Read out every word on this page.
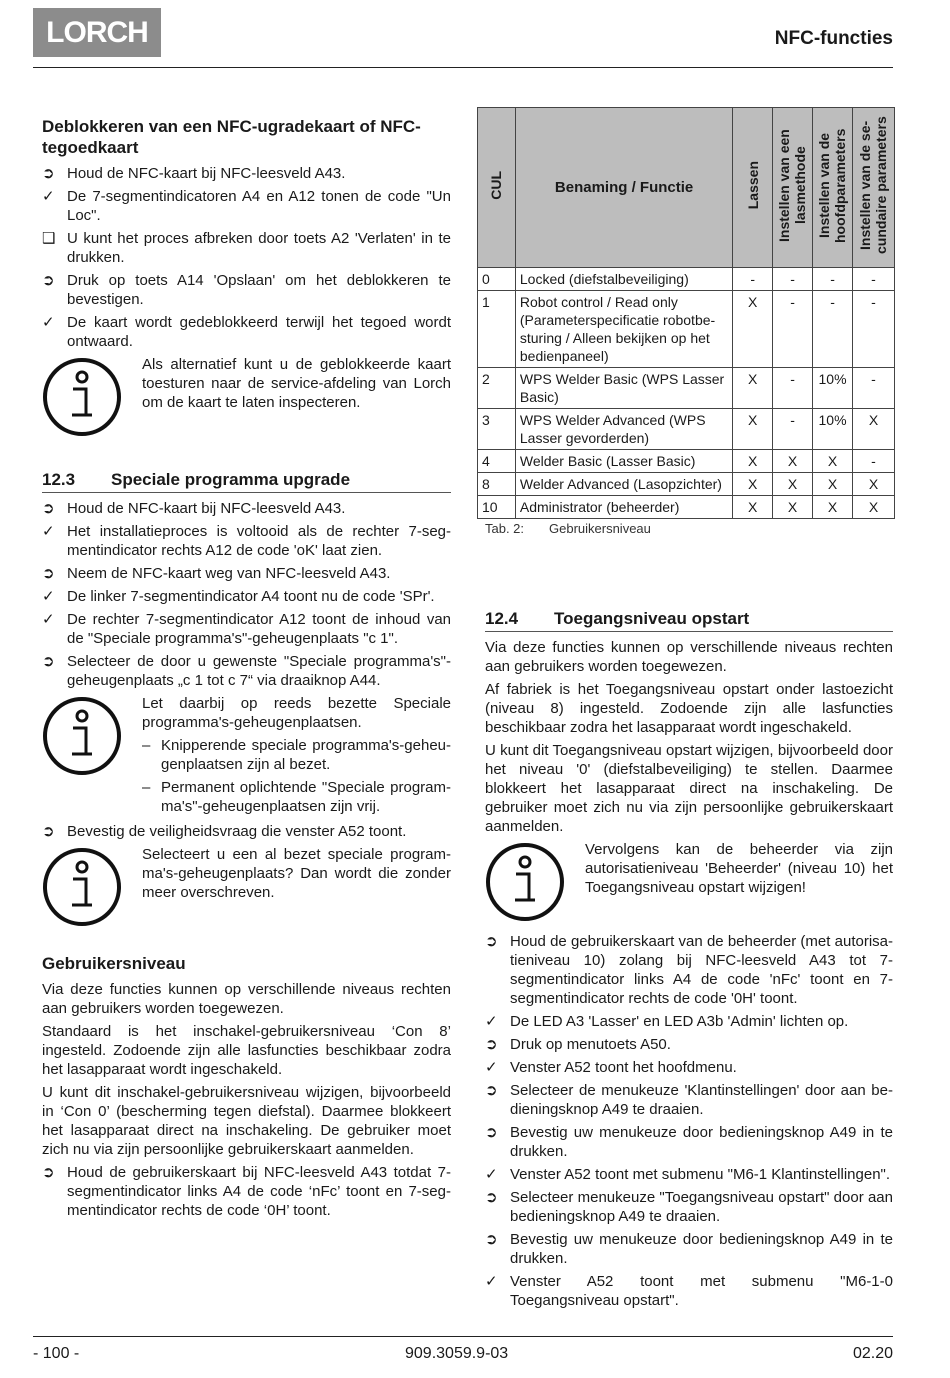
LORCH	NFC-functies

Deblokkeren van een NFC-ugradekaart of NFC-tegoedkaart

➲ Houd de NFC-kaart bij NFC-leesveld A43.
✓ De 7-segmentindicatoren A4 en A12 tonen de code "Un Loc".
❑ U kunt het proces afbreken door toets A2 'Verlaten' in te drukken.
➲ Druk op toets A14 'Opslaan' om het deblokkeren te bevestigen.
✓ De kaart wordt gedeblokkeerd terwijl het tegoed wordt ontwaard.

Als alternatief kunt u de geblokkeerde kaart toesturen naar de service-afdeling van Lorch om de kaart te laten inspecteren.

12.3 Speciale programma upgrade
➲ Houd de NFC-kaart bij NFC-leesveld A43.
✓ Het installatieproces is voltooid als de rechter 7-segmentindicator rechts A12 de code 'oK' laat zien.
➲ Neem de NFC-kaart weg van NFC-leesveld A43.
✓ De linker 7-segmentindicator A4 toont nu de code 'SPr'.
✓ De rechter 7-segmentindicator A12 toont de inhoud van de "Speciale programma's"-geheugenplaats "c 1".
➲ Selecteer de door u gewenste "Speciale programma's"-geheugenplaats „c 1 tot c 7“ via draaiknop A44.

Let daarbij op reeds bezette Speciale programma's-geheugenplaatsen.

– Knipperende speciale programma's-geheugenplaatsen zijn al bezet.
– Permanent oplichtende "Speciale programma's"-geheugenplaatsen zijn vrij.
➲ Bevestig de veiligheidsvraag die venster A52 toont.

Selecteert u een al bezet speciale programma's-geheugenplaats? Dan wordt die zonder meer overschreven.

Gebruikersniveau

Via deze functies kunnen op verschillende niveaus rechten aan gebruikers worden toegewezen.

Standaard is het inschakel-gebruikersniveau ‘Con 8’ ingesteld. Zodoende zijn alle lasfuncties beschikbaar zodra het lasapparaat wordt ingeschakeld.

U kunt dit inschakel-gebruikersniveau wijzigen, bijvoorbeeld in ‘Con 0’ (bescherming tegen diefstal). Daarmee blokkeert het lasapparaat direct na inschakeling. De gebruiker moet zich nu via zijn persoonlijke gebruikerskaart aanmelden.

➲ Houd de gebruikerskaart bij NFC-leesveld A43 totdat 7-segmentindicator links A4 de code ‘nFc’ toont en 7-segmentindicator rechts de code ‘0H’ toont.
CUL	Benaming / Functie	Lassen	Instellen van een lasmethode	Instellen van de hoofdparameters	Instellen van de secundaire parameters
0	Locked (diefstalbeveiliging)	-	-	-	-
1	Robot control / Read only (Parameterspecificatie robotbesturing / Alleen bekijken op het bedienpaneel)	X	-	-	-
2	WPS Welder Basic (WPS Lasser Basic)	X	-	10%	-
3	WPS Welder Advanced (WPS Lasser gevorderden)	X	-	10%	X
4	Welder Basic (Lasser Basic)	X	X	X	-
8	Welder Advanced (Lasopzichter)	X	X	X	X
10	Administrator (beheerder)	X	X	X	X
Tab. 2: Gebruikersniveau
12.4 Toegangsniveau opstart

Via deze functies kunnen op verschillende niveaus rechten aan gebruikers worden toegewezen.

Af fabriek is het Toegangsniveau opstart onder lastoezicht (niveau 8) ingesteld. Zodoende zijn alle lasfuncties beschikbaar zodra het lasapparaat wordt ingeschakeld.

U kunt dit Toegangsniveau opstart wijzigen, bijvoorbeeld door het niveau '0' (diefstalbeveiliging) te stellen. Daarmee blokkeert het lasapparaat direct na inschakeling. De gebruiker moet zich nu via zijn persoonlijke gebruikerskaart aanmelden.

Vervolgens kan de beheerder via zijn autorisatieniveau 'Beheerder' (niveau 10) het Toegangsniveau opstart wijzigen!

➲ Houd de gebruikerskaart van de beheerder (met autorisatieniveau 10) zolang bij NFC-leesveld A43 tot 7-segmentindicator links A4 de code 'nFc' toont en 7-segmentindicator rechts de code '0H' toont.
✓ De LED A3 'Lasser' en LED A3b 'Admin' lichten op.
➲ Druk op menutoets A50.
✓ Venster A52 toont het hoofdmenu.
➲ Selecteer de menukeuze 'Klantinstellingen' door aan bedieningsknop A49 te draaien.
➲ Bevestig uw menukeuze door bedieningsknop A49 in te drukken.
✓ Venster A52 toont met submenu "M6-1 Klantinstellingen".
➲ Selecteer menukeuze "Toegangsniveau opstart" door aan bedieningsknop A49 te draaien.
➲ Bevestig uw menukeuze door bedieningsknop A49 in te drukken.
✓ Venster A52 toont met submenu "M6-1-0 Toegangsniveau opstart".
- 100 -	909.3059.9-03	02.20
